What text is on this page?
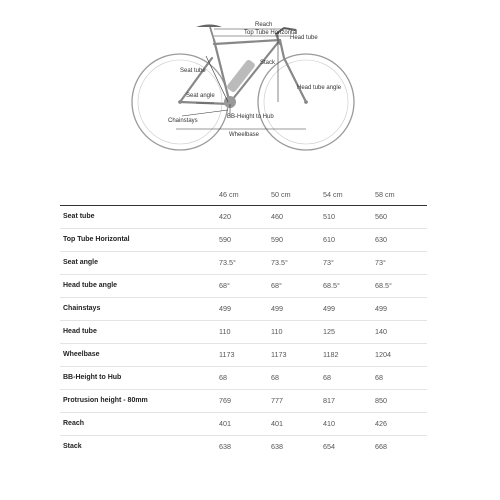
Reach
Top Tube Horizontal
Head tube
Stack
Seat tube
Head tube angle
Seat angle
BB-Height to Hub
Chainstays
Wheelbase
	46 cm	50 cm	54 cm	58 cm
Seat tube	420	460	510	560
Top Tube Horizontal	590	590	610	630
Seat angle	73.5°	73.5°	73°	73°
Head tube angle	68°	68°	68.5°	68.5°
Chainstays	499	499	499	499
Head tube	110	110	125	140
Wheelbase	1173	1173	1182	1204
BB-Height to Hub	68	68	68	68
Protrusion height - 80mm	769	777	817	850
Reach	401	401	410	426
Stack	638	638	654	668
